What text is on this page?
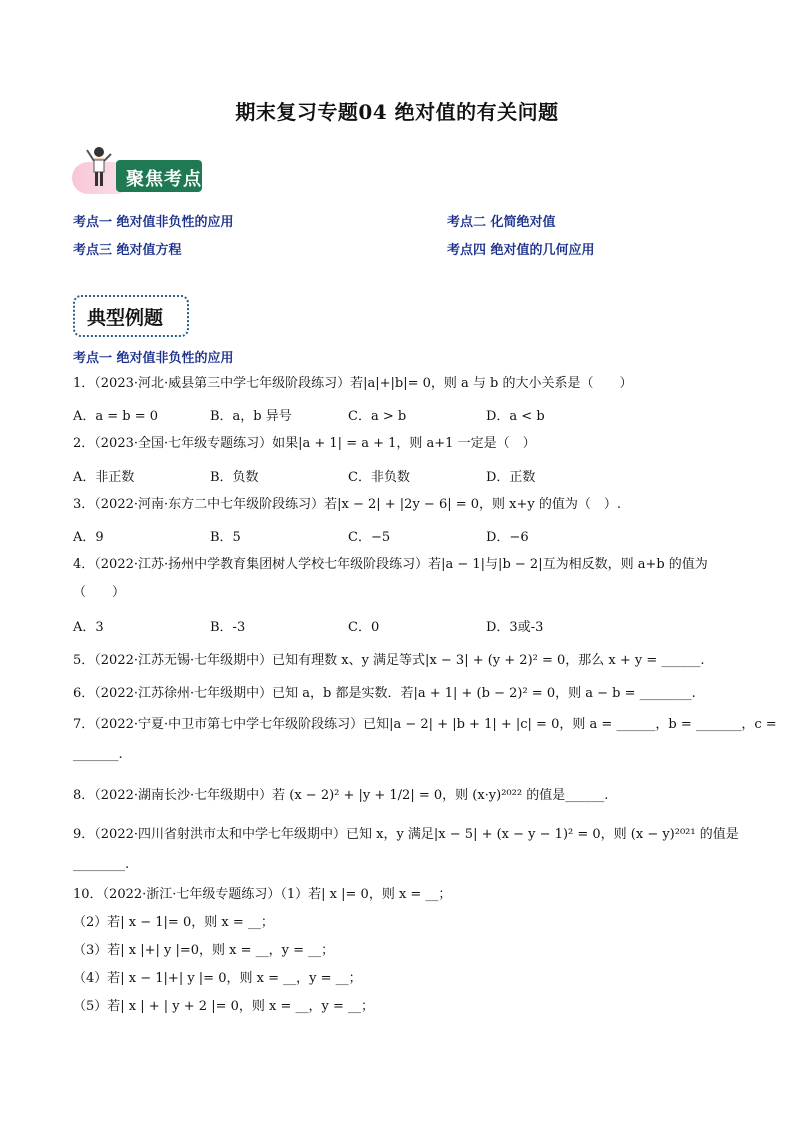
期末复习专题04 绝对值的有关问题
聚焦考点
考点一 绝对值非负性的应用	考点二 化简绝对值
考点三 绝对值方程	考点四 绝对值的几何应用
典型例题
考点一 绝对值非负性的应用
1．（2023·河北·威县第三中学七年级阶段练习）若|a|+|b|= 0，则 a 与 b 的大小关系是（　　）
A．a = b = 0	B．a，b 异号	C．a > b	D．a < b
2．（2023·全国·七年级专题练习）如果|a + 1| = a + 1，则 a+1 一定是（　）
A．非正数	B．负数	C．非负数	D．正数
3．（2022·河南·东方二中七年级阶段练习）若|x − 2| + |2y − 6| = 0，则 x+y 的值为（　）.
A．9	B．5	C．−5	D．−6
4．（2022·江苏·扬州中学教育集团树人学校七年级阶段练习）若|a − 1|与|b − 2|互为相反数，则 a+b 的值为
（　　）
A．3	B．-3	C．0	D．3或-3
5．（2022·江苏无锡·七年级期中）已知有理数 x、y 满足等式|x − 3| + (y + 2)² = 0，那么 x + y = ______.
6．（2022·江苏徐州·七年级期中）已知 a，b 都是实数．若|a + 1| + (b − 2)² = 0，则 a − b = ________.
7．（2022·宁夏·中卫市第七中学七年级阶段练习）已知|a − 2| + |b + 1| + |c| = 0，则 a = ______，b = _______，c =
_______.
8．（2022·湖南长沙·七年级期中）若 (x − 2)² + |y + 1/2| = 0，则 (x·y)²⁰²² 的值是______.
9．（2022·四川省射洪市太和中学七年级期中）已知 x，y 满足|x − 5| + (x − y − 1)² = 0，则 (x − y)²⁰²¹ 的值是
________.
10．（2022·浙江·七年级专题练习）（1）若| x |= 0，则 x = __；
（2）若| x − 1|= 0，则 x = __；
（3）若| x |+| y |=0，则 x = __，y = __；
（4）若| x − 1|+| y |= 0，则 x = __，y = __；
（5）若| x | + | y + 2 |= 0，则 x = __，y = __；
